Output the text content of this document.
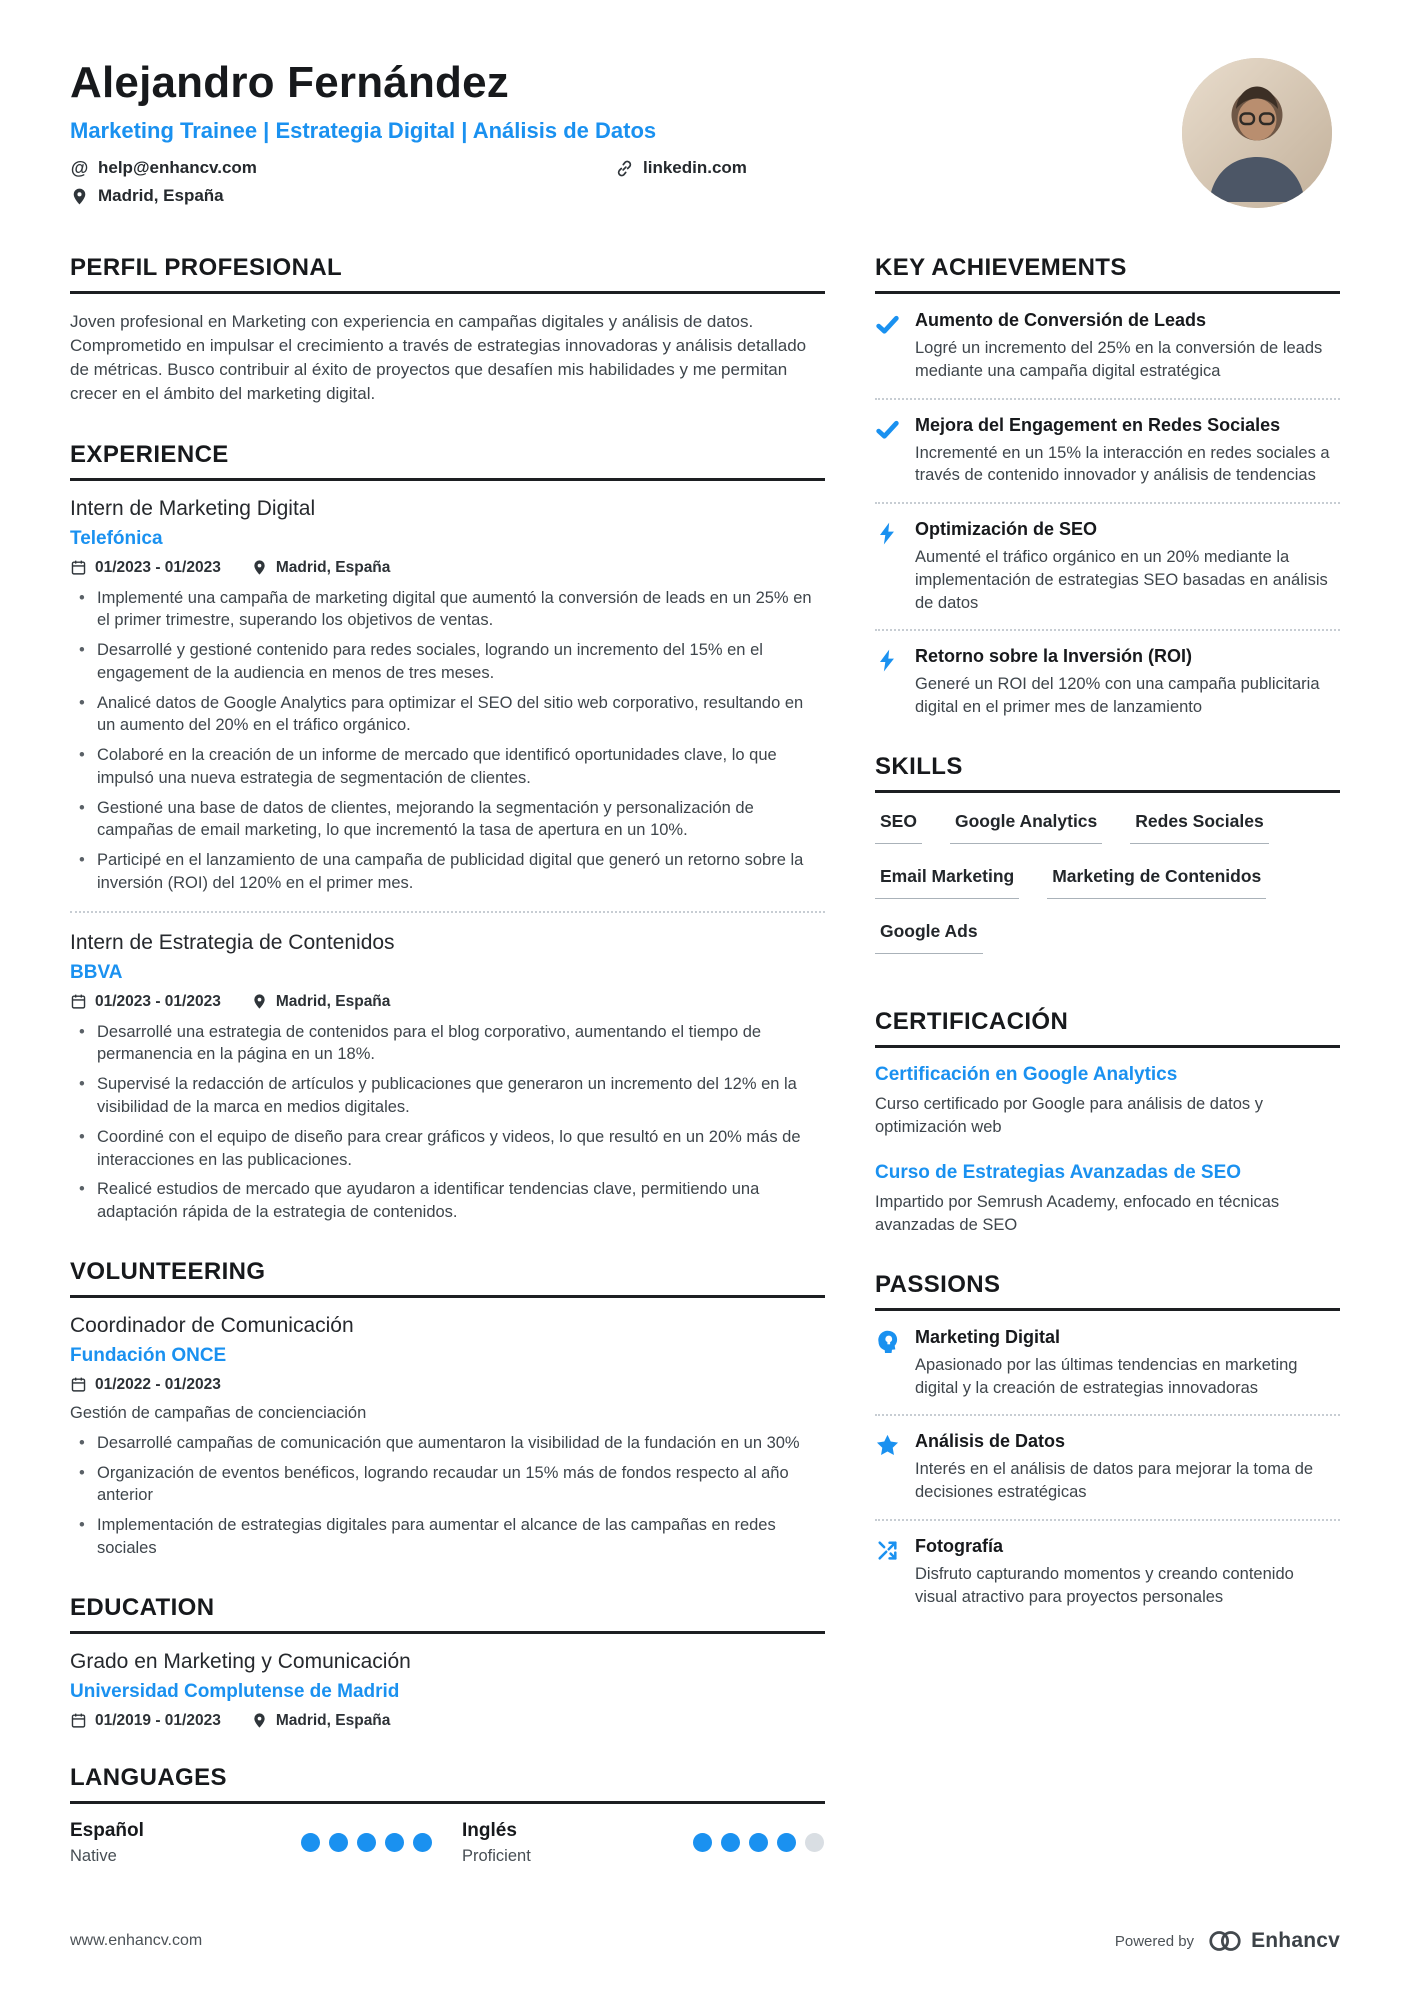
Alejandro Fernández
Marketing Trainee | Estrategia Digital | Análisis de Datos
@ help@enhancv.com	linkedin.com
Madrid, España
PERFIL PROFESIONAL

Joven profesional en Marketing con experiencia en campañas digitales y análisis de datos. Comprometido en impulsar el crecimiento a través de estrategias innovadoras y análisis detallado de métricas. Busco contribuir al éxito de proyectos que desafíen mis habilidades y me permitan crecer en el ámbito del marketing digital.

EXPERIENCE
Intern de Marketing Digital
Telefónica
01/2023 - 01/2023	Madrid, España
• Implementé una campaña de marketing digital que aumentó la conversión de leads en un 25% en el primer trimestre, superando los objetivos de ventas.
• Desarrollé y gestioné contenido para redes sociales, logrando un incremento del 15% en el engagement de la audiencia en menos de tres meses.
• Analicé datos de Google Analytics para optimizar el SEO del sitio web corporativo, resultando en un aumento del 20% en el tráfico orgánico.
• Colaboré en la creación de un informe de mercado que identificó oportunidades clave, lo que impulsó una nueva estrategia de segmentación de clientes.
• Gestioné una base de datos de clientes, mejorando la segmentación y personalización de campañas de email marketing, lo que incrementó la tasa de apertura en un 10%.
• Participé en el lanzamiento de una campaña de publicidad digital que generó un retorno sobre la inversión (ROI) del 120% en el primer mes.
Intern de Estrategia de Contenidos
BBVA
01/2023 - 01/2023	Madrid, España
• Desarrollé una estrategia de contenidos para el blog corporativo, aumentando el tiempo de permanencia en la página en un 18%.
• Supervisé la redacción de artículos y publicaciones que generaron un incremento del 12% en la visibilidad de la marca en medios digitales.
• Coordiné con el equipo de diseño para crear gráficos y videos, lo que resultó en un 20% más de interacciones en las publicaciones.
• Realicé estudios de mercado que ayudaron a identificar tendencias clave, permitiendo una adaptación rápida de la estrategia de contenidos.
VOLUNTEERING
Coordinador de Comunicación
Fundación ONCE
01/2022 - 01/2023
Gestión de campañas de concienciación
• Desarrollé campañas de comunicación que aumentaron la visibilidad de la fundación en un 30%
• Organización de eventos benéficos, logrando recaudar un 15% más de fondos respecto al año anterior
• Implementación de estrategias digitales para aumentar el alcance de las campañas en redes sociales
EDUCATION
Grado en Marketing y Comunicación
Universidad Complutense de Madrid
01/2019 - 01/2023	Madrid, España
LANGUAGES
Español
Native
Inglés
Proficient
KEY ACHIEVEMENTS
Aumento de Conversión de Leads
Logré un incremento del 25% en la conversión de leads mediante una campaña digital estratégica
Mejora del Engagement en Redes Sociales
Incrementé en un 15% la interacción en redes sociales a través de contenido innovador y análisis de tendencias
Optimización de SEO
Aumenté el tráfico orgánico en un 20% mediante la implementación de estrategias SEO basadas en análisis de datos
Retorno sobre la Inversión (ROI)
Generé un ROI del 120% con una campaña publicitaria digital en el primer mes de lanzamiento
SKILLS
SEO Google Analytics Redes Sociales
Email Marketing Marketing de Contenidos
Google Ads
CERTIFICACIÓN
Certificación en Google Analytics
Curso certificado por Google para análisis de datos y optimización web
Curso de Estrategias Avanzadas de SEO
Impartido por Semrush Academy, enfocado en técnicas avanzadas de SEO
PASSIONS
Marketing Digital
Apasionado por las últimas tendencias en marketing digital y la creación de estrategias innovadoras
Análisis de Datos
Interés en el análisis de datos para mejorar la toma de decisiones estratégicas
Fotografía
Disfruto capturando momentos y creando contenido visual atractivo para proyectos personales
www.enhancv.com	Powered by	Enhancv
